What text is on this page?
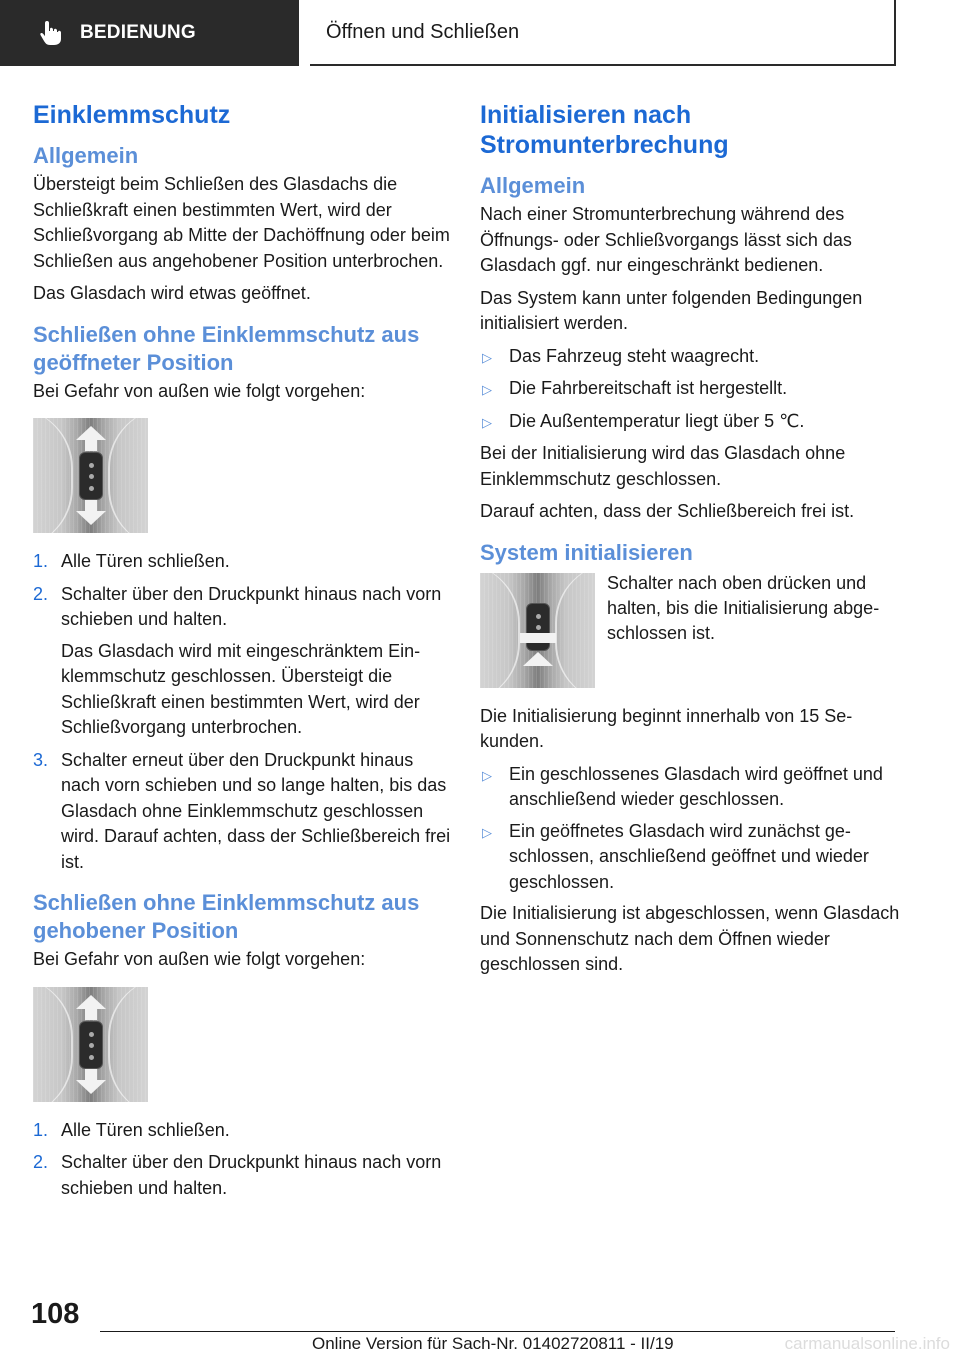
BEDIENUNG	Öffnen und Schließen
Einklemmschutz
Allgemein

Übersteigt beim Schließen des Glasdachs die Schließkraft einen bestimmten Wert, wird der Schließvorgang ab Mitte der Dachöffnung oder beim Schließen aus angehobener Position unterbrochen.

Das Glasdach wird etwas geöffnet.

Schließen ohne Einklemmschutz aus geöffneter Position

Bei Gefahr von außen wie folgt vorgehen:

1. Alle Türen schließen.
2. Schalter über den Druckpunkt hinaus nach vorn schieben und halten.

Das Glasdach wird mit eingeschränktem Einklemmschutz geschlossen. Übersteigt die Schließkraft einen bestimmten Wert, wird der Schließvorgang unterbrochen.

3. Schalter erneut über den Druckpunkt hinaus nach vorn schieben und so lange halten, bis das Glasdach ohne Einklemmschutz geschlossen wird. Darauf achten, dass der Schließbereich frei ist.
Schließen ohne Einklemmschutz aus gehobener Position

Bei Gefahr von außen wie folgt vorgehen:

1. Alle Türen schließen.
2. Schalter über den Druckpunkt hinaus nach vorn schieben und halten.
Initialisieren nach Stromunterbrechung
Allgemein

Nach einer Stromunterbrechung während des Öffnungs- oder Schließvorgangs lässt sich das Glasdach ggf. nur eingeschränkt bedienen.

Das System kann unter folgenden Bedingungen initialisiert werden.

▷ Das Fahrzeug steht waagrecht.
▷ Die Fahrbereitschaft ist hergestellt.
▷ Die Außentemperatur liegt über 5 ℃.

Bei der Initialisierung wird das Glasdach ohne Einklemmschutz geschlossen.

Darauf achten, dass der Schließbereich frei ist.

System initialisieren

Schalter nach oben drücken und halten, bis die Initialisierung abgeschlossen ist.

Die Initialisierung beginnt innerhalb von 15 Sekunden.

▷ Ein geschlossenes Glasdach wird geöffnet und anschließend wieder geschlossen.
▷ Ein geöffnetes Glasdach wird zunächst geschlossen, anschließend geöffnet und wieder geschlossen.

Die Initialisierung ist abgeschlossen, wenn Glasdach und Sonnenschutz nach dem Öffnen wieder geschlossen sind.

108
Online Version für Sach-Nr. 01402720811 - II/19	carmanualsonline.info
